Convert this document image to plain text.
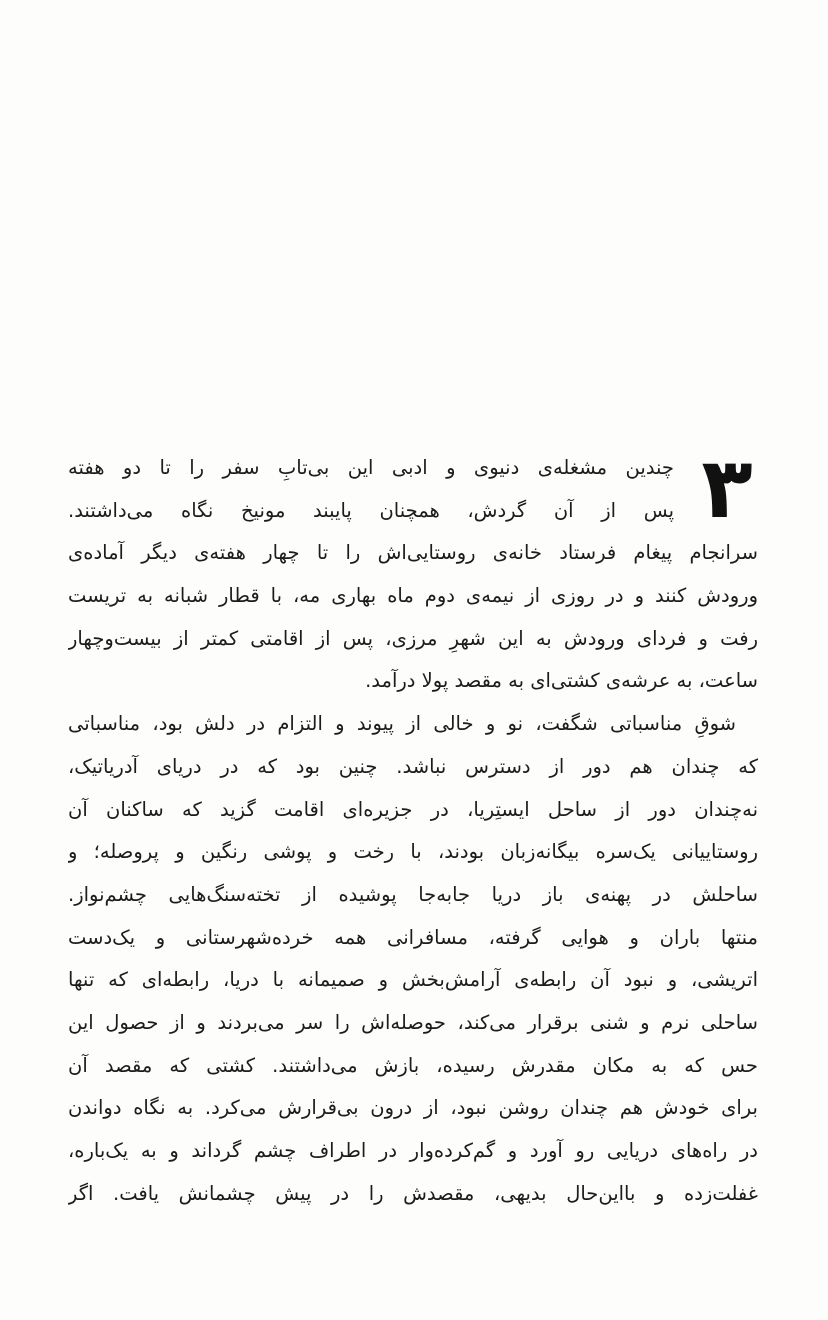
۳
چندین مشغله‌ی دنیوی و ادبی این بی‌تابِ سفر را تا دو هفته
پس از آن گردش، همچنان پایبند مونیخ نگاه می‌داشتند.
سرانجام پیغام فرستاد خانه‌ی روستایی‌اش را تا چهار هفته‌ی دیگر آماده‌ی
ورودش کنند و در روزی از نیمه‌ی دوم ماه بهاری مه، با قطار شبانه به تریست
رفت و فردای ورودش به این شهرِ مرزی، پس از اقامتی کمتر از بیست‌وچهار
ساعت، به عرشه‌ی کشتی‌ای به مقصد پولا درآمد.
شوقِ مناسباتی شگفت، نو و خالی از پیوند و التزام در دلش بود، مناسباتی
که چندان هم دور از دسترس نباشد. چنین بود که در دریای آدریاتیک،
نه‌چندان دور از ساحل ایستِریا، در جزیره‌ای اقامت گزید که ساکنان آن
روستاییانی یک‌سره بیگانه‌زبان بودند، با رخت و پوشی رنگین و پروصله؛ و
ساحلش در پهنه‌ی باز دریا جابه‌جا پوشیده از تخته‌سنگ‌هایی چشم‌نواز.
منتها باران و هوایی گرفته، مسافرانی همه خرده‌شهرستانی و یک‌دست
اتریشی، و نبود آن رابطه‌ی آرامش‌بخش و صمیمانه با دریا، رابطه‌ای که تنها
ساحلی نرم و شنی برقرار می‌کند، حوصله‌اش را سر می‌بردند و از حصول این
حس که به مکان مقدرش رسیده، بازش می‌داشتند. کشتی که مقصد آن
برای خودش هم چندان روشن نبود، از درون بی‌قرارش می‌کرد. به نگاه دواندن
در راه‌های دریایی رو آورد و گم‌کرده‌وار در اطراف چشم گرداند و به یک‌باره،
غفلت‌زده و بااین‌حال بدیهی، مقصدش را در پیش چشمانش یافت. اگر
